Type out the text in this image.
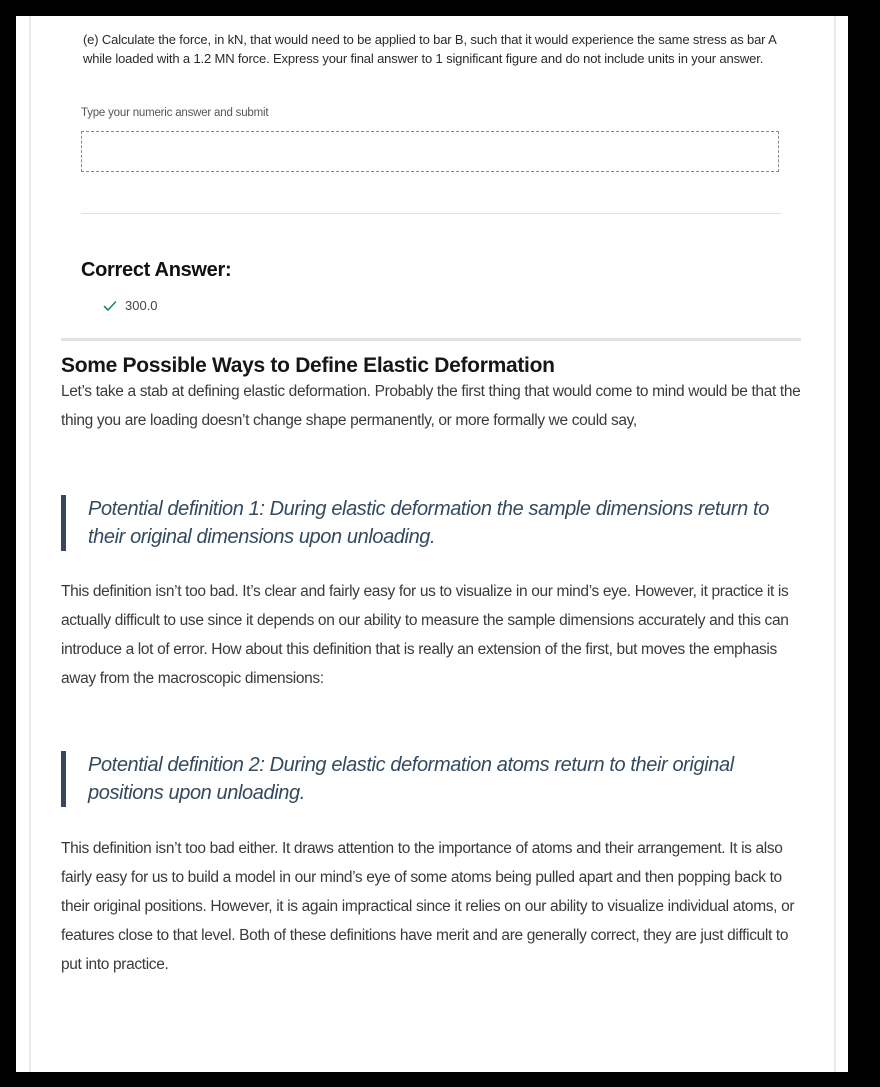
(e) Calculate the force, in kN, that would need to be applied to bar B, such that it would experience the same stress as bar A while loaded with a 1.2 MN force. Express your final answer to 1 significant figure and do not include units in your answer.

Type your numeric answer and submit
Correct Answer:
300.0
Some Possible Ways to Define Elastic Deformation

Let’s take a stab at defining elastic deformation. Probably the first thing that would come to mind would be that the thing you are loading doesn’t change shape permanently, or more formally we could say,

Potential definition 1: During elastic deformation the sample dimensions return to their original dimensions upon unloading.

This definition isn’t too bad. It’s clear and fairly easy for us to visualize in our mind’s eye. However, it practice it is actually difficult to use since it depends on our ability to measure the sample dimensions accurately and this can introduce a lot of error. How about this definition that is really an extension of the first, but moves the emphasis away from the macroscopic dimensions:

Potential definition 2: During elastic deformation atoms return to their original positions upon unloading.

This definition isn’t too bad either. It draws attention to the importance of atoms and their arrangement. It is also fairly easy for us to build a model in our mind’s eye of some atoms being pulled apart and then popping back to their original positions. However, it is again impractical since it relies on our ability to visualize individual atoms, or features close to that level. Both of these definitions have merit and are generally correct, they are just difficult to put into practice.
